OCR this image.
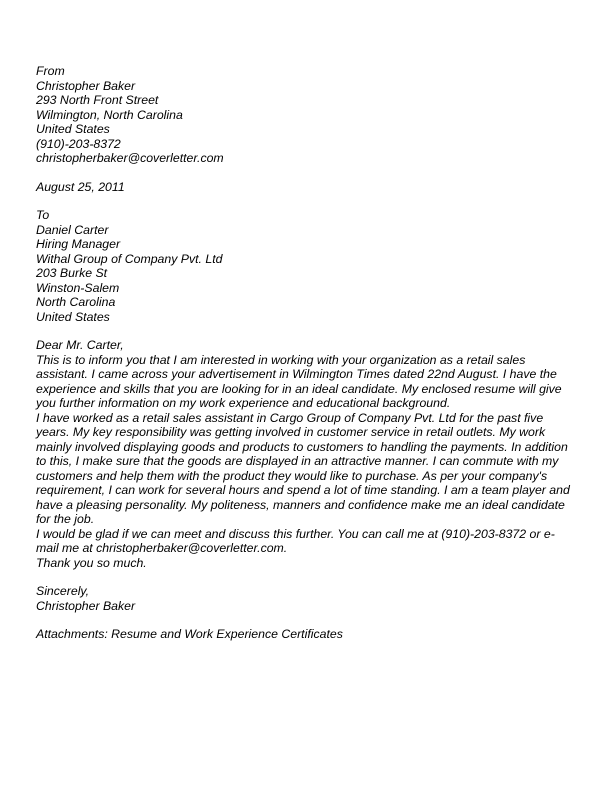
From
Christopher Baker
293 North Front Street
Wilmington, North Carolina
United States
(910)-203-8372
christopherbaker@coverletter.com
August 25, 2011
To
Daniel Carter
Hiring Manager
Withal Group of Company Pvt. Ltd
203 Burke St
Winston-Salem
North Carolina
United States
Dear Mr. Carter,
This is to inform you that I am interested in working with your organization as a retail sales
assistant. I came across your advertisement in Wilmington Times dated 22nd August. I have the
experience and skills that you are looking for in an ideal candidate. My enclosed resume will give
you further information on my work experience and educational background.
I have worked as a retail sales assistant in Cargo Group of Company Pvt. Ltd for the past five
years. My key responsibility was getting involved in customer service in retail outlets. My work
mainly involved displaying goods and products to customers to handling the payments. In addition
to this, I make sure that the goods are displayed in an attractive manner. I can commute with my
customers and help them with the product they would like to purchase. As per your company's
requirement, I can work for several hours and spend a lot of time standing. I am a team player and
have a pleasing personality. My politeness, manners and confidence make me an ideal candidate
for the job.
I would be glad if we can meet and discuss this further. You can call me at (910)-203-8372 or e-
mail me at christopherbaker@coverletter.com.
Thank you so much.
Sincerely,
Christopher Baker
Attachments: Resume and Work Experience Certificates
